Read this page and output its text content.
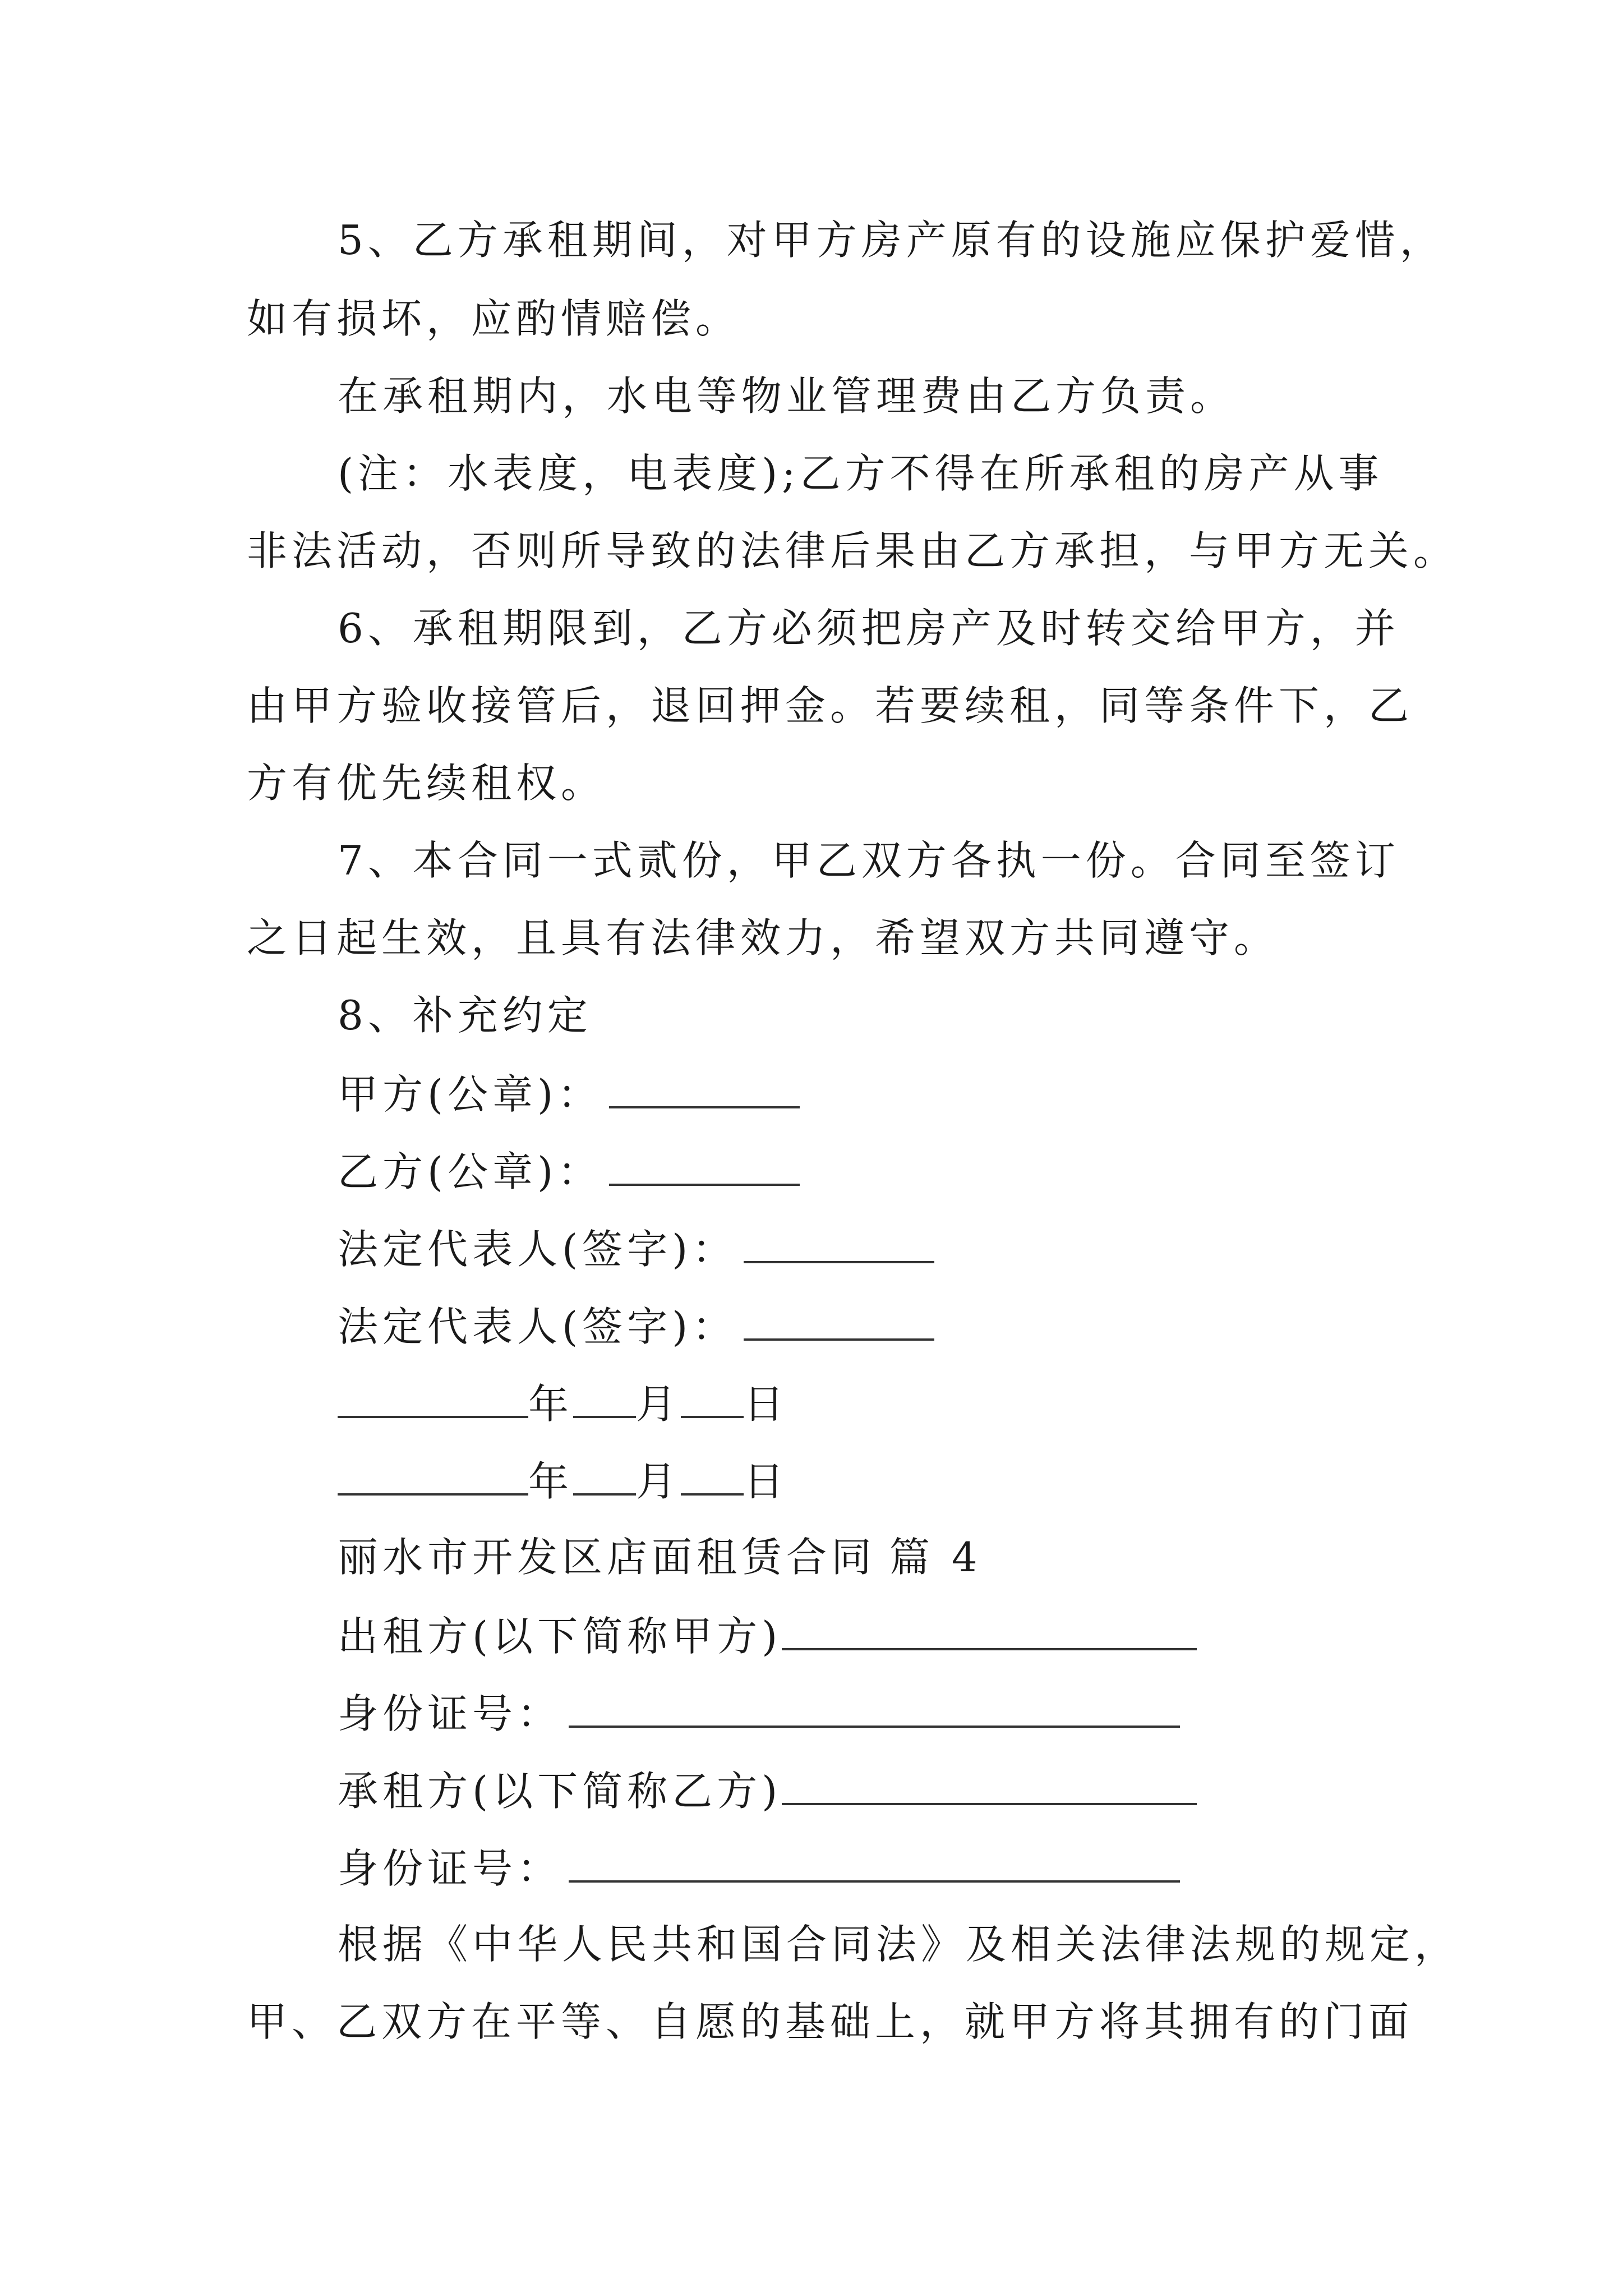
5、乙方承租期间，对甲方房产原有的设施应保护爱惜，

如有损坏，应酌情赔偿。

在承租期内，水电等物业管理费由乙方负责。

(注：水表度，电表度);乙方不得在所承租的房产从事

非法活动，否则所导致的法律后果由乙方承担，与甲方无关。

6、承租期限到，乙方必须把房产及时转交给甲方，并

由甲方验收接管后，退回押金。若要续租，同等条件下，乙

方有优先续租权。

7、本合同一式贰份，甲乙双方各执一份。合同至签订

之日起生效，且具有法律效力，希望双方共同遵守。

8、补充约定

甲方(公章)：

乙方(公章)：

法定代表人(签字)：

法定代表人(签字)：

年 月 日

年 月 日

丽水市开发区店面租赁合同 篇 4

出租方(以下简称甲方)

身份证号：

承租方(以下简称乙方)

身份证号：

根据《中华人民共和国合同法》及相关法律法规的规定，

甲、乙双方在平等、自愿的基础上，就甲方将其拥有的门面
